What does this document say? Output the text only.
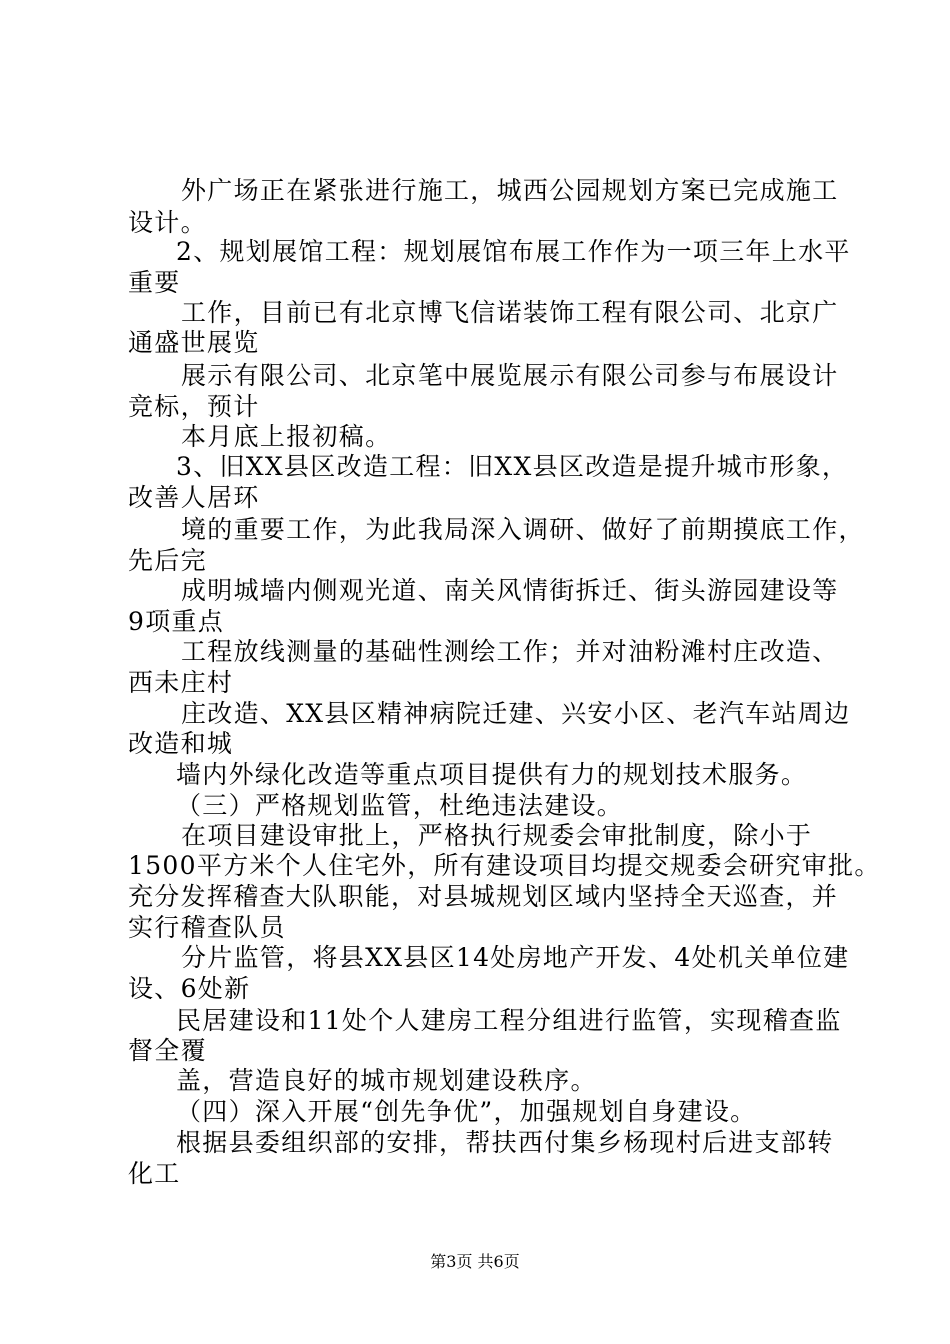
外广场正在紧张进行施工，城西公园规划方案已完成施工
设计。
2、规划展馆工程：规划展馆布展工作作为一项三年上水平
重要
工作，目前已有北京博飞信诺装饰工程有限公司、北京广
通盛世展览
展示有限公司、北京笔中展览展示有限公司参与布展设计
竞标，预计
本月底上报初稿。
3、旧XX县区改造工程：旧XX县区改造是提升城市形象，
改善人居环
境的重要工作，为此我局深入调研、做好了前期摸底工作，
先后完
成明城墙内侧观光道、南关风情街拆迁、街头游园建设等
9项重点
工程放线测量的基础性测绘工作；并对油粉滩村庄改造、
西未庄村
庄改造、XX县区精神病院迁建、兴安小区、老汽车站周边
改造和城
墙内外绿化改造等重点项目提供有力的规划技术服务。
（三）严格规划监管，杜绝违法建设。
在项目建设审批上，严格执行规委会审批制度，除小于
1500平方米个人住宅外，所有建设项目均提交规委会研究审批。
充分发挥稽查大队职能，对县城规划区域内坚持全天巡查，并
实行稽查队员
分片监管，将县XX县区14处房地产开发、4处机关单位建
设、6处新
民居建设和11处个人建房工程分组进行监管，实现稽查监
督全覆
盖，营造良好的城市规划建设秩序。
（四）深入开展“创先争优”，加强规划自身建设。
根据县委组织部的安排，帮扶西付集乡杨现村后进支部转
化工
第3页 共6页
